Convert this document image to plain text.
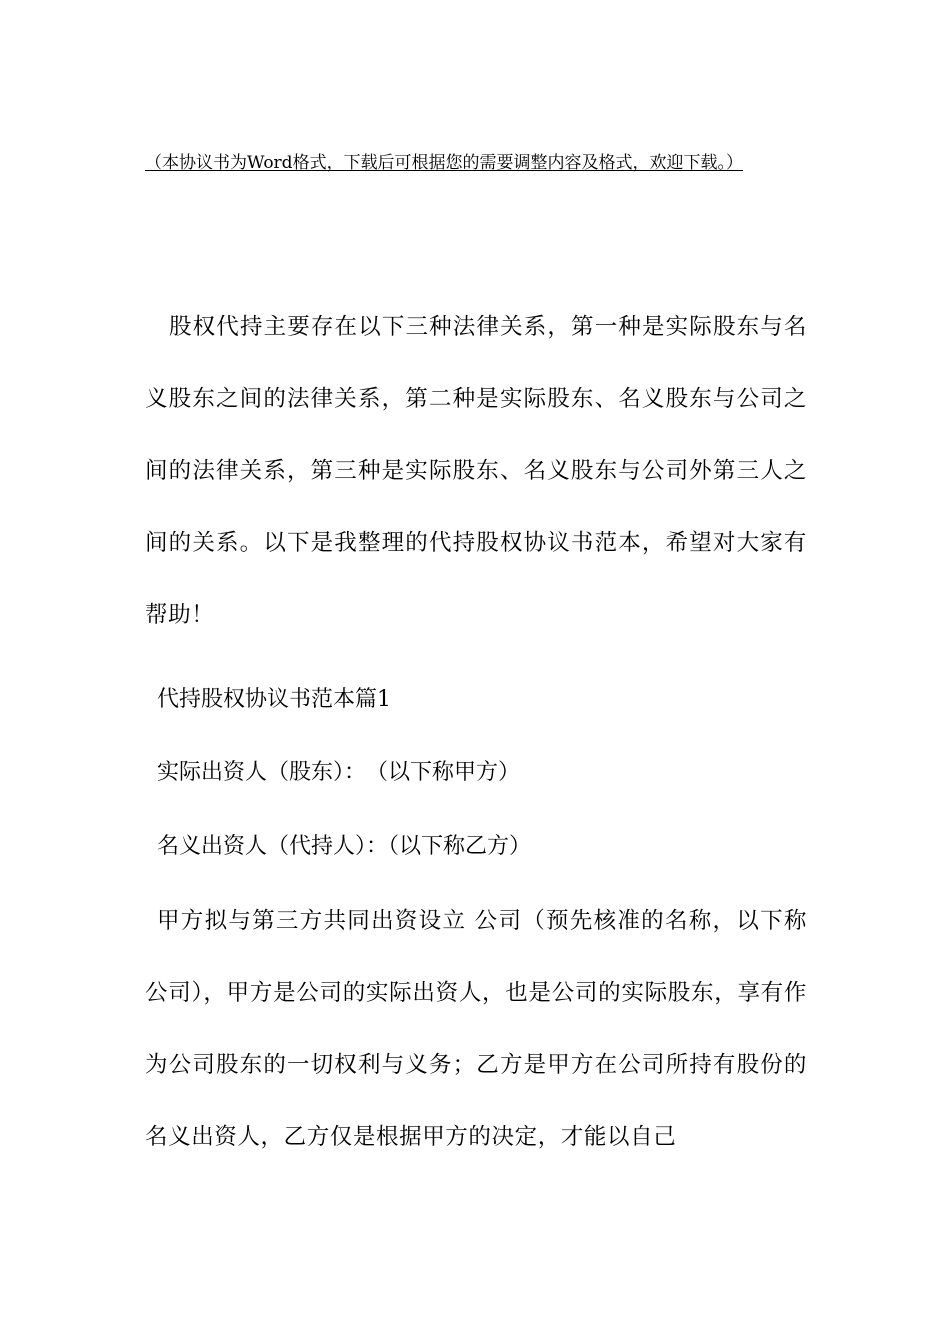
（本协议书为Word格式，下载后可根据您的需要调整内容及格式，欢迎下载。）
股权代持主要存在以下三种法律关系，第一种是实际股东与名义股东之间的法律关系，第二种是实际股东、名义股东与公司之间的法律关系，第三种是实际股东、名义股东与公司外第三人之间的关系。以下是我整理的代持股权协议书范本，希望对大家有帮助！
代持股权协议书范本篇1
实际出资人（股东）：　（以下称甲方）
名义出资人（代持人）：（以下称乙方）
甲方拟与第三方共同出资设立 公司（预先核准的名称，以下称公司），甲方是公司的实际出资人，也是公司的实际股东，享有作为公司股东的一切权利与义务；乙方是甲方在公司所持有股份的名义出资人，乙方仅是根据甲方的决定，才能以自己
